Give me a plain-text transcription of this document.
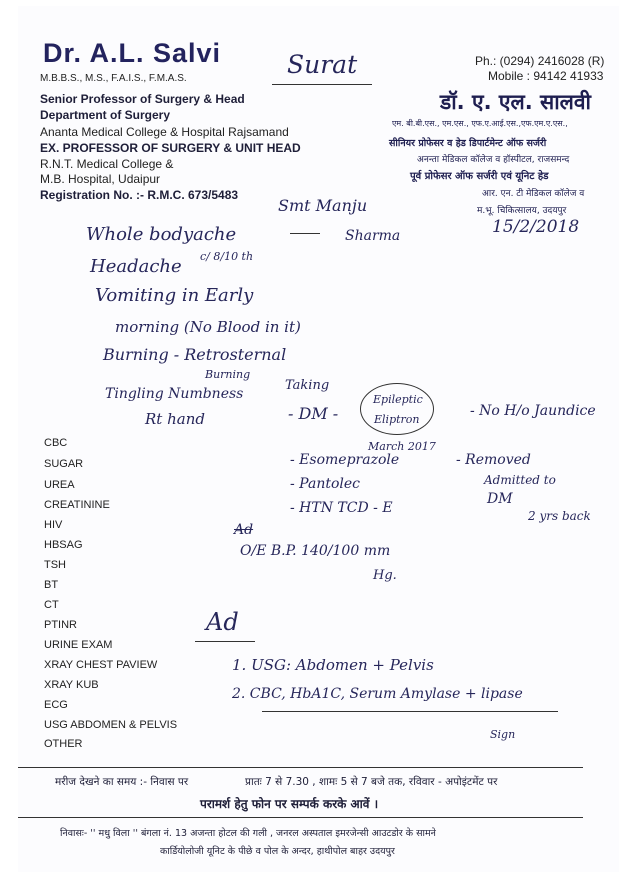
Dr. A.L. Salvi
M.B.B.S., M.S., F.A.I.S., F.M.A.S.
Senior Professor of Surgery & Head
Department of Surgery
Ananta Medical College & Hospital Rajsamand
EX. PROFESSOR OF SURGERY & UNIT HEAD
R.N.T. Medical College &
M.B. Hospital, Udaipur
Registration No. :- R.M.C. 673/5483
Ph.: (0294) 2416028 (R)
Mobile : 94142 41933
डॉ. ए. एल. सालवी
एम. बी.बी.एस., एम.एस., एफ.ए.आई.एस.,एफ.एम.ए.एस.,
सीनियर प्रोफेसर व हेड डिपार्टमेन्ट ऑफ सर्जरी
अनन्ता मेडिकल कॉलेज व हॉस्पीटल, राजसमन्द
पूर्व प्रोफेसर ऑफ सर्जरी एवं यूनिट हेड
आर. एन. टी मेडिकल कॉलेज व
म.भू. चिकित्सालय, उदयपुर
Surat
15/2/2018
Smt Manju
Sharma
Whole bodyache
Headache c/ 8/10 th
Vomiting in Early
morning (No Blood in it)
Burning - Retrosternal
Burning
Tingling Numbness
Rt hand
Taking
- DM -
Epileptic
Eliptron
- No H/o Jaundice
March 2017
- Esomeprazole
- Pantolec
- HTN TCD - E
- Removed
Admitted to
DM
2 yrs back
Ad
O/E B.P. 140/100 mm
Hg.
CBC
SUGAR
UREA
CREATININE
HIV
HBSAG
TSH
BT
CT
PTINR
URINE EXAM
XRAY CHEST PAVIEW
XRAY KUB
ECG
USG ABDOMEN & PELVIS
OTHER
Ad
1. USG: Abdomen + Pelvis
2. CBC, HbA1C, Serum Amylase + lipase
Sign
मरीज देखने का समय :- निवास पर	प्रातः 7 से 7.30 , शामः 5 से 7 बजे तक, रविवार - अपोइंटमेंट पर
परामर्श हेतु फोन पर सम्पर्क करके आवें ।
निवासः- '' मधु विला '' बंगला नं. 13 अजन्ता होटल की गली , जनरल अस्पताल इमरजेन्सी आउटडोर के सामने
कार्डियोलोजी यूनिट के पीछे व पोल के अन्दर, हाथीपोल बाहर उदयपुर
